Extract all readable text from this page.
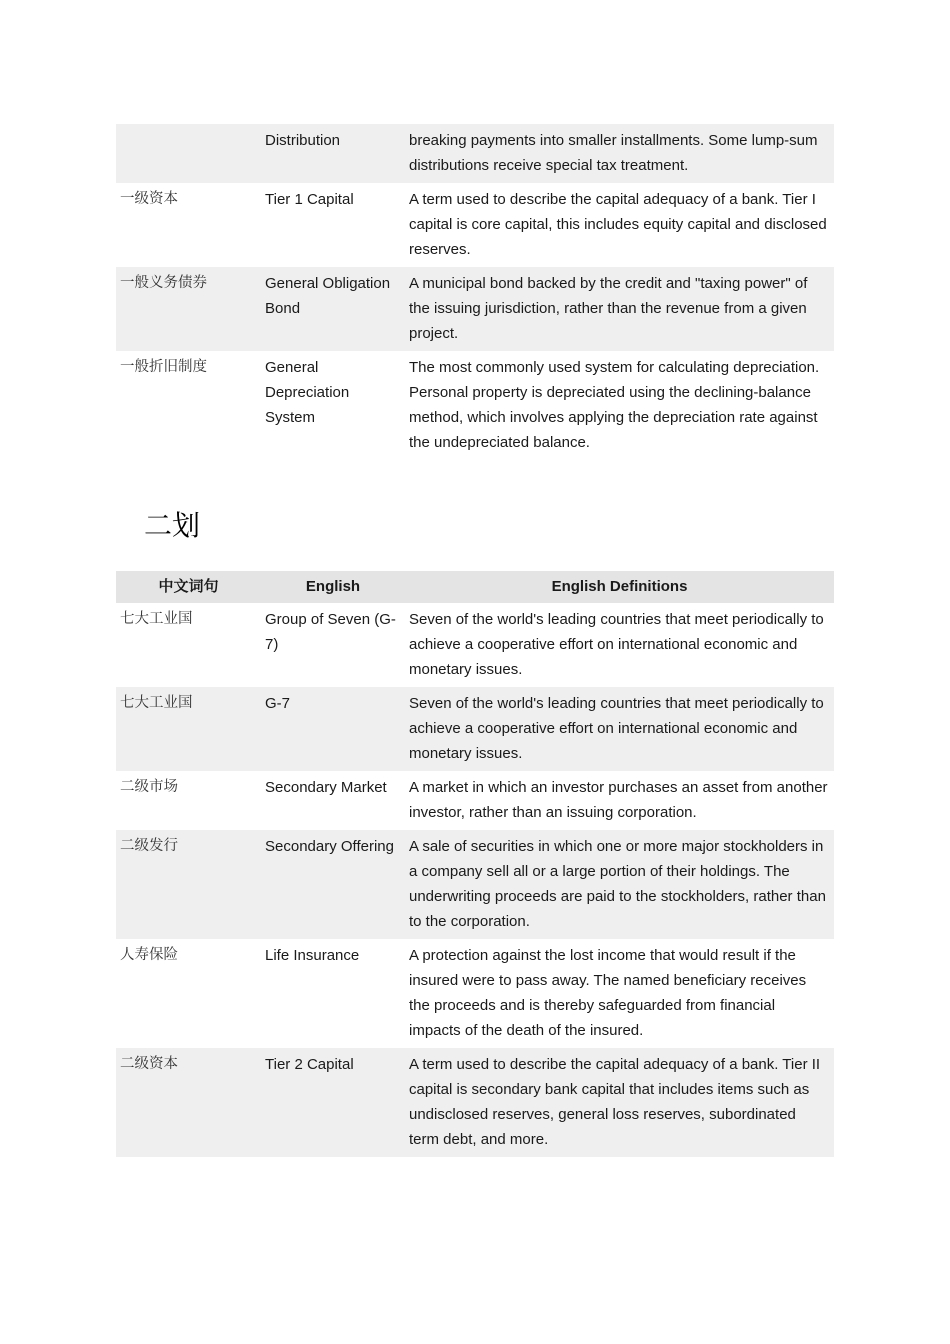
	Distribution	breaking payments into smaller installments. Some lump-sum distributions receive special tax treatment.
一级资本	Tier 1 Capital	A term used to describe the capital adequacy of a bank. Tier I capital is core capital, this includes equity capital and disclosed reserves.
一般义务债券	General Obligation Bond	A municipal bond backed by the credit and "taxing power" of the issuing jurisdiction, rather than the revenue from a given project.
一般折旧制度	General Depreciation System	The most commonly used system for calculating depreciation. Personal property is depreciated using the declining-balance method, which involves applying the depreciation rate against the undepreciated balance.
二划
中文词句	English	English Definitions
七大工业国	Group of Seven (G-7)	Seven of the world's leading countries that meet periodically to achieve a cooperative effort on international economic and monetary issues.
七大工业国	G-7	Seven of the world's leading countries that meet periodically to achieve a cooperative effort on international economic and monetary issues.
二级市场	Secondary Market	A market in which an investor purchases an asset from another investor, rather than an issuing corporation.
二级发行	Secondary Offering	A sale of securities in which one or more major stockholders in a company sell all or a large portion of their holdings. The underwriting proceeds are paid to the stockholders, rather than to the corporation.
人寿保险	Life Insurance	A protection against the lost income that would result if the insured were to pass away. The named beneficiary receives the proceeds and is thereby safeguarded from financial impacts of the death of the insured.
二级资本	Tier 2 Capital	A term used to describe the capital adequacy of a bank. Tier II capital is secondary bank capital that includes items such as undisclosed reserves, general loss reserves, subordinated term debt, and more.
